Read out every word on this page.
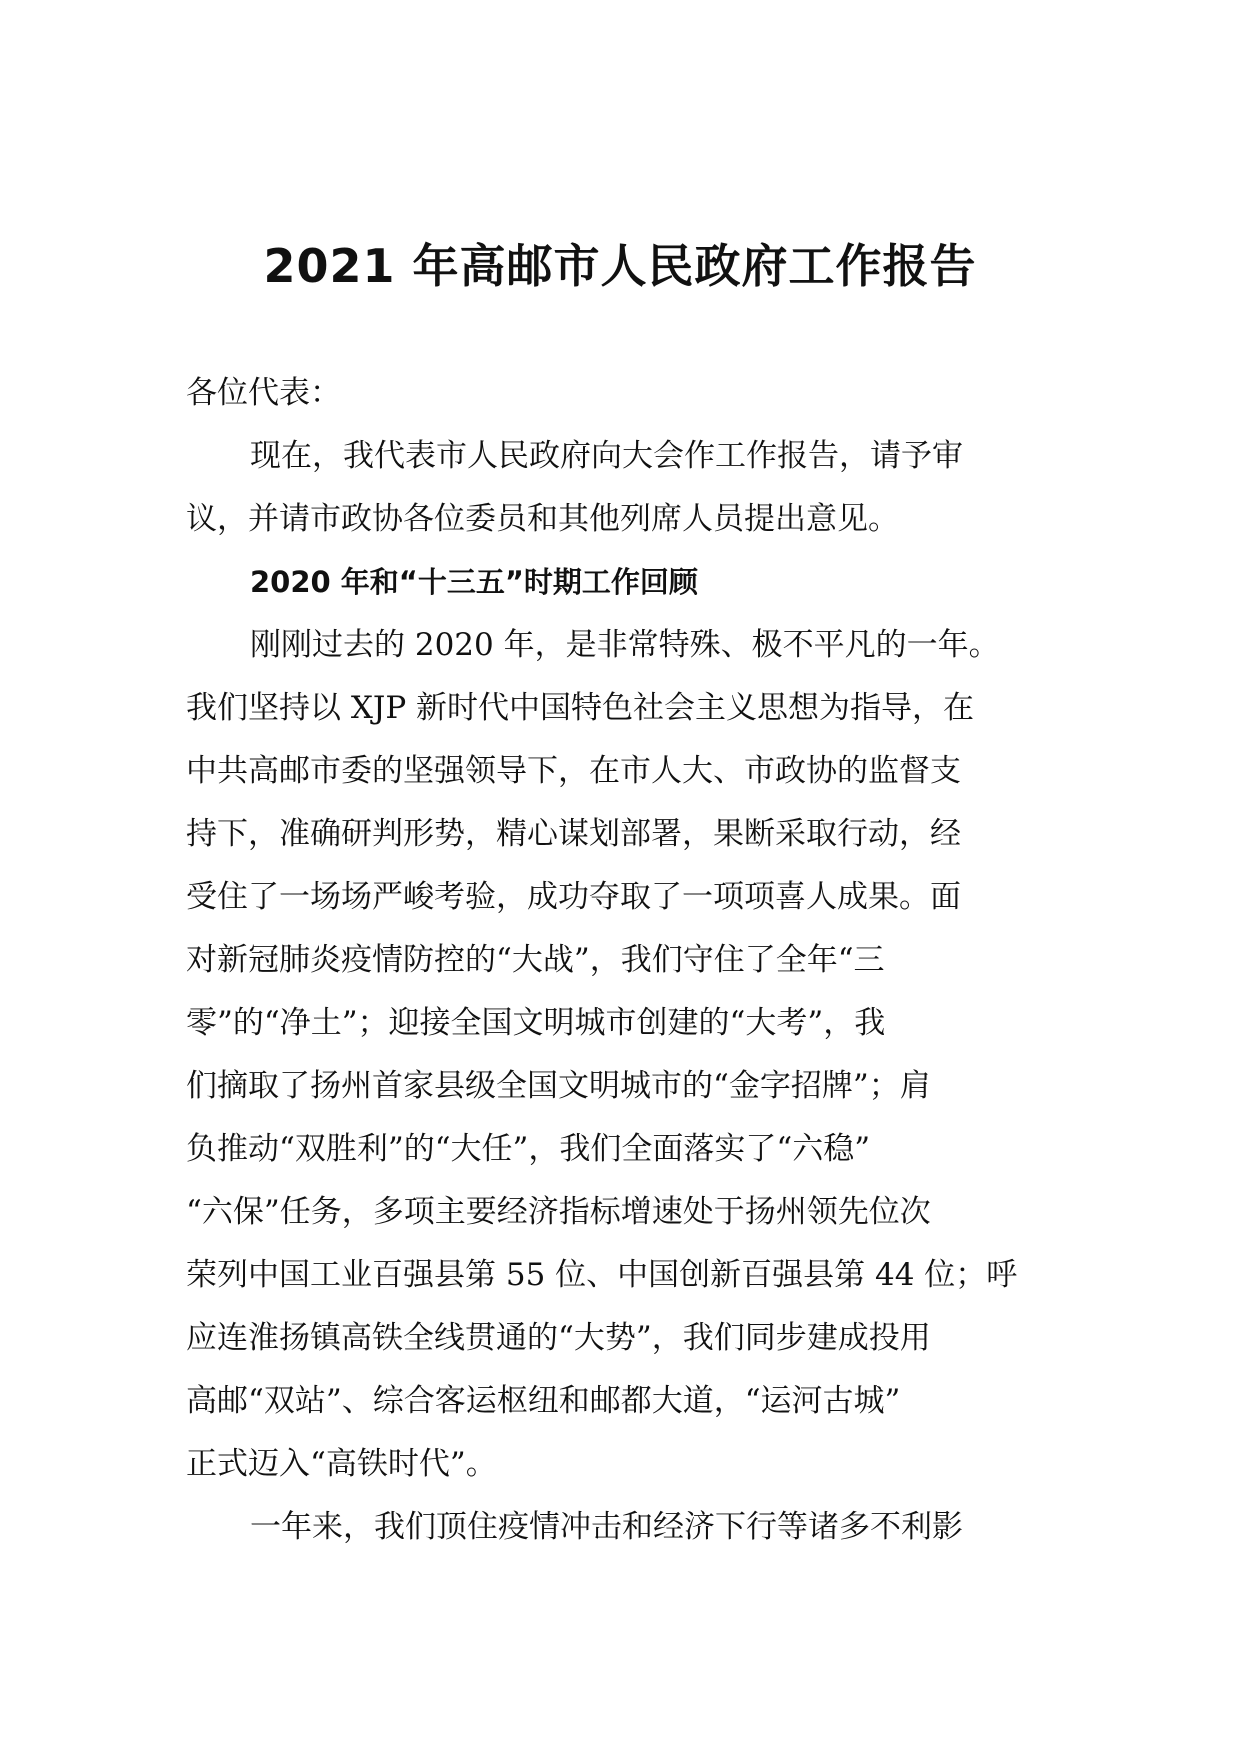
2021 年高邮市人民政府工作报告

各位代表：

现在，我代表市人民政府向大会作工作报告，请予审

议，并请市政协各位委员和其他列席人员提出意见。

2020 年和“十三五”时期工作回顾

刚刚过去的 2020 年，是非常特殊、极不平凡的一年。

我们坚持以 XJP 新时代中国特色社会主义思想为指导，在

中共高邮市委的坚强领导下，在市人大、市政协的监督支

持下，准确研判形势，精心谋划部署，果断采取行动，经

受住了一场场严峻考验，成功夺取了一项项喜人成果。面

对新冠肺炎疫情防控的“大战”，我们守住了全年“三

零”的“净土”；迎接全国文明城市创建的“大考”，我

们摘取了扬州首家县级全国文明城市的“金字招牌”；肩

负推动“双胜利”的“大任”，我们全面落实了“六稳”

“六保”任务，多项主要经济指标增速处于扬州领先位次

荣列中国工业百强县第 55 位、中国创新百强县第 44 位；呼

应连淮扬镇高铁全线贯通的“大势”，我们同步建成投用

高邮“双站”、综合客运枢纽和邮都大道，“运河古城”

正式迈入“高铁时代”。

一年来，我们顶住疫情冲击和经济下行等诸多不利影
